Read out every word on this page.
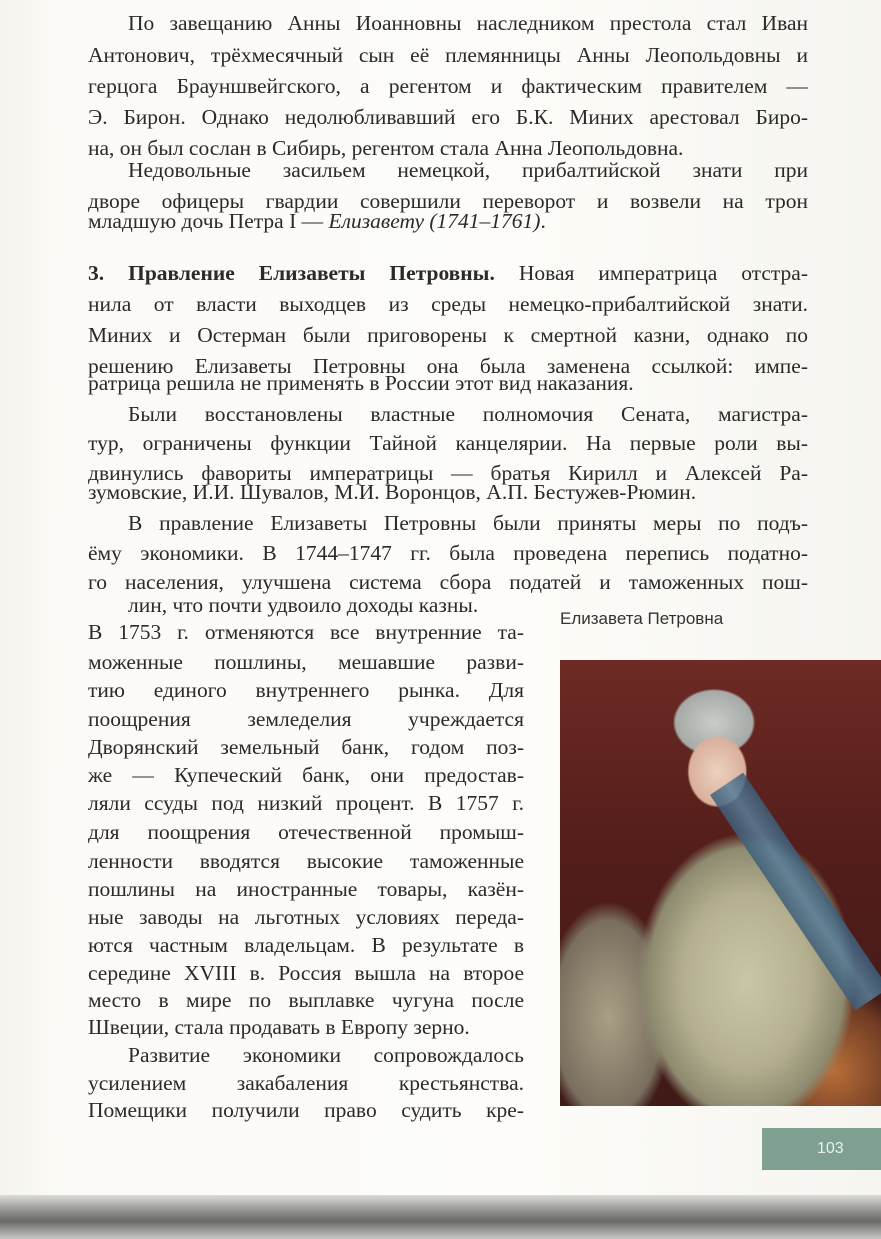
По завещанию Анны Иоанновны наследником престола стал Иван
Антонович, трёхмесячный сын её племянницы Анны Леопольдовны и
герцога Брауншвейгского, а регентом и фактическим правителем —
Э. Бирон. Однако недолюбливавший его Б.К. Миних арестовал Биро-
на, он был сослан в Сибирь, регентом стала Анна Леопольдовна.
Недовольные засильем немецкой, прибалтийской знати при
дворе офицеры гвардии совершили переворот и возвели на трон
младшую дочь Петра I — Елизавету (1741–1761).
3. Правление Елизаветы Петровны. Новая императрица отстра-
нила от власти выходцев из среды немецко-прибалтийской знати.
Миних и Остерман были приговорены к смертной казни, однако по
решению Елизаветы Петровны она была заменена ссылкой: импе-
ратрица решила не применять в России этот вид наказания.
Были восстановлены властные полномочия Сената, магистра-
тур, ограничены функции Тайной канцелярии. На первые роли вы-
двинулись фавориты императрицы — братья Кирилл и Алексей Ра-
зумовские, И.И. Шувалов, М.И. Воронцов, А.П. Бестужев-Рюмин.
В правление Елизаветы Петровны были приняты меры по подъ-
ёму экономики. В 1744–1747 гг. была проведена перепись податно-
го населения, улучшена система сбора податей и таможенных пош-
лин, что почти удвоило доходы казны.
В 1753 г. отменяются все внутренние та-
моженные пошлины, мешавшие разви-
тию единого внутреннего рынка. Для
поощрения земледелия учреждается
Дворянский земельный банк, годом поз-
же — Купеческий банк, они предостав-
ляли ссуды под низкий процент. В 1757 г.
для поощрения отечественной промыш-
ленности вводятся высокие таможенные
пошлины на иностранные товары, казён-
ные заводы на льготных условиях переда-
ются частным владельцам. В результате в
середине XVIII в. Россия вышла на второе
место в мире по выплавке чугуна после
Швеции, стала продавать в Европу зерно.
Развитие экономики сопровождалось
усилением закабаления крестьянства.
Помещики получили право судить кре-
Елизавета Петровна
103
